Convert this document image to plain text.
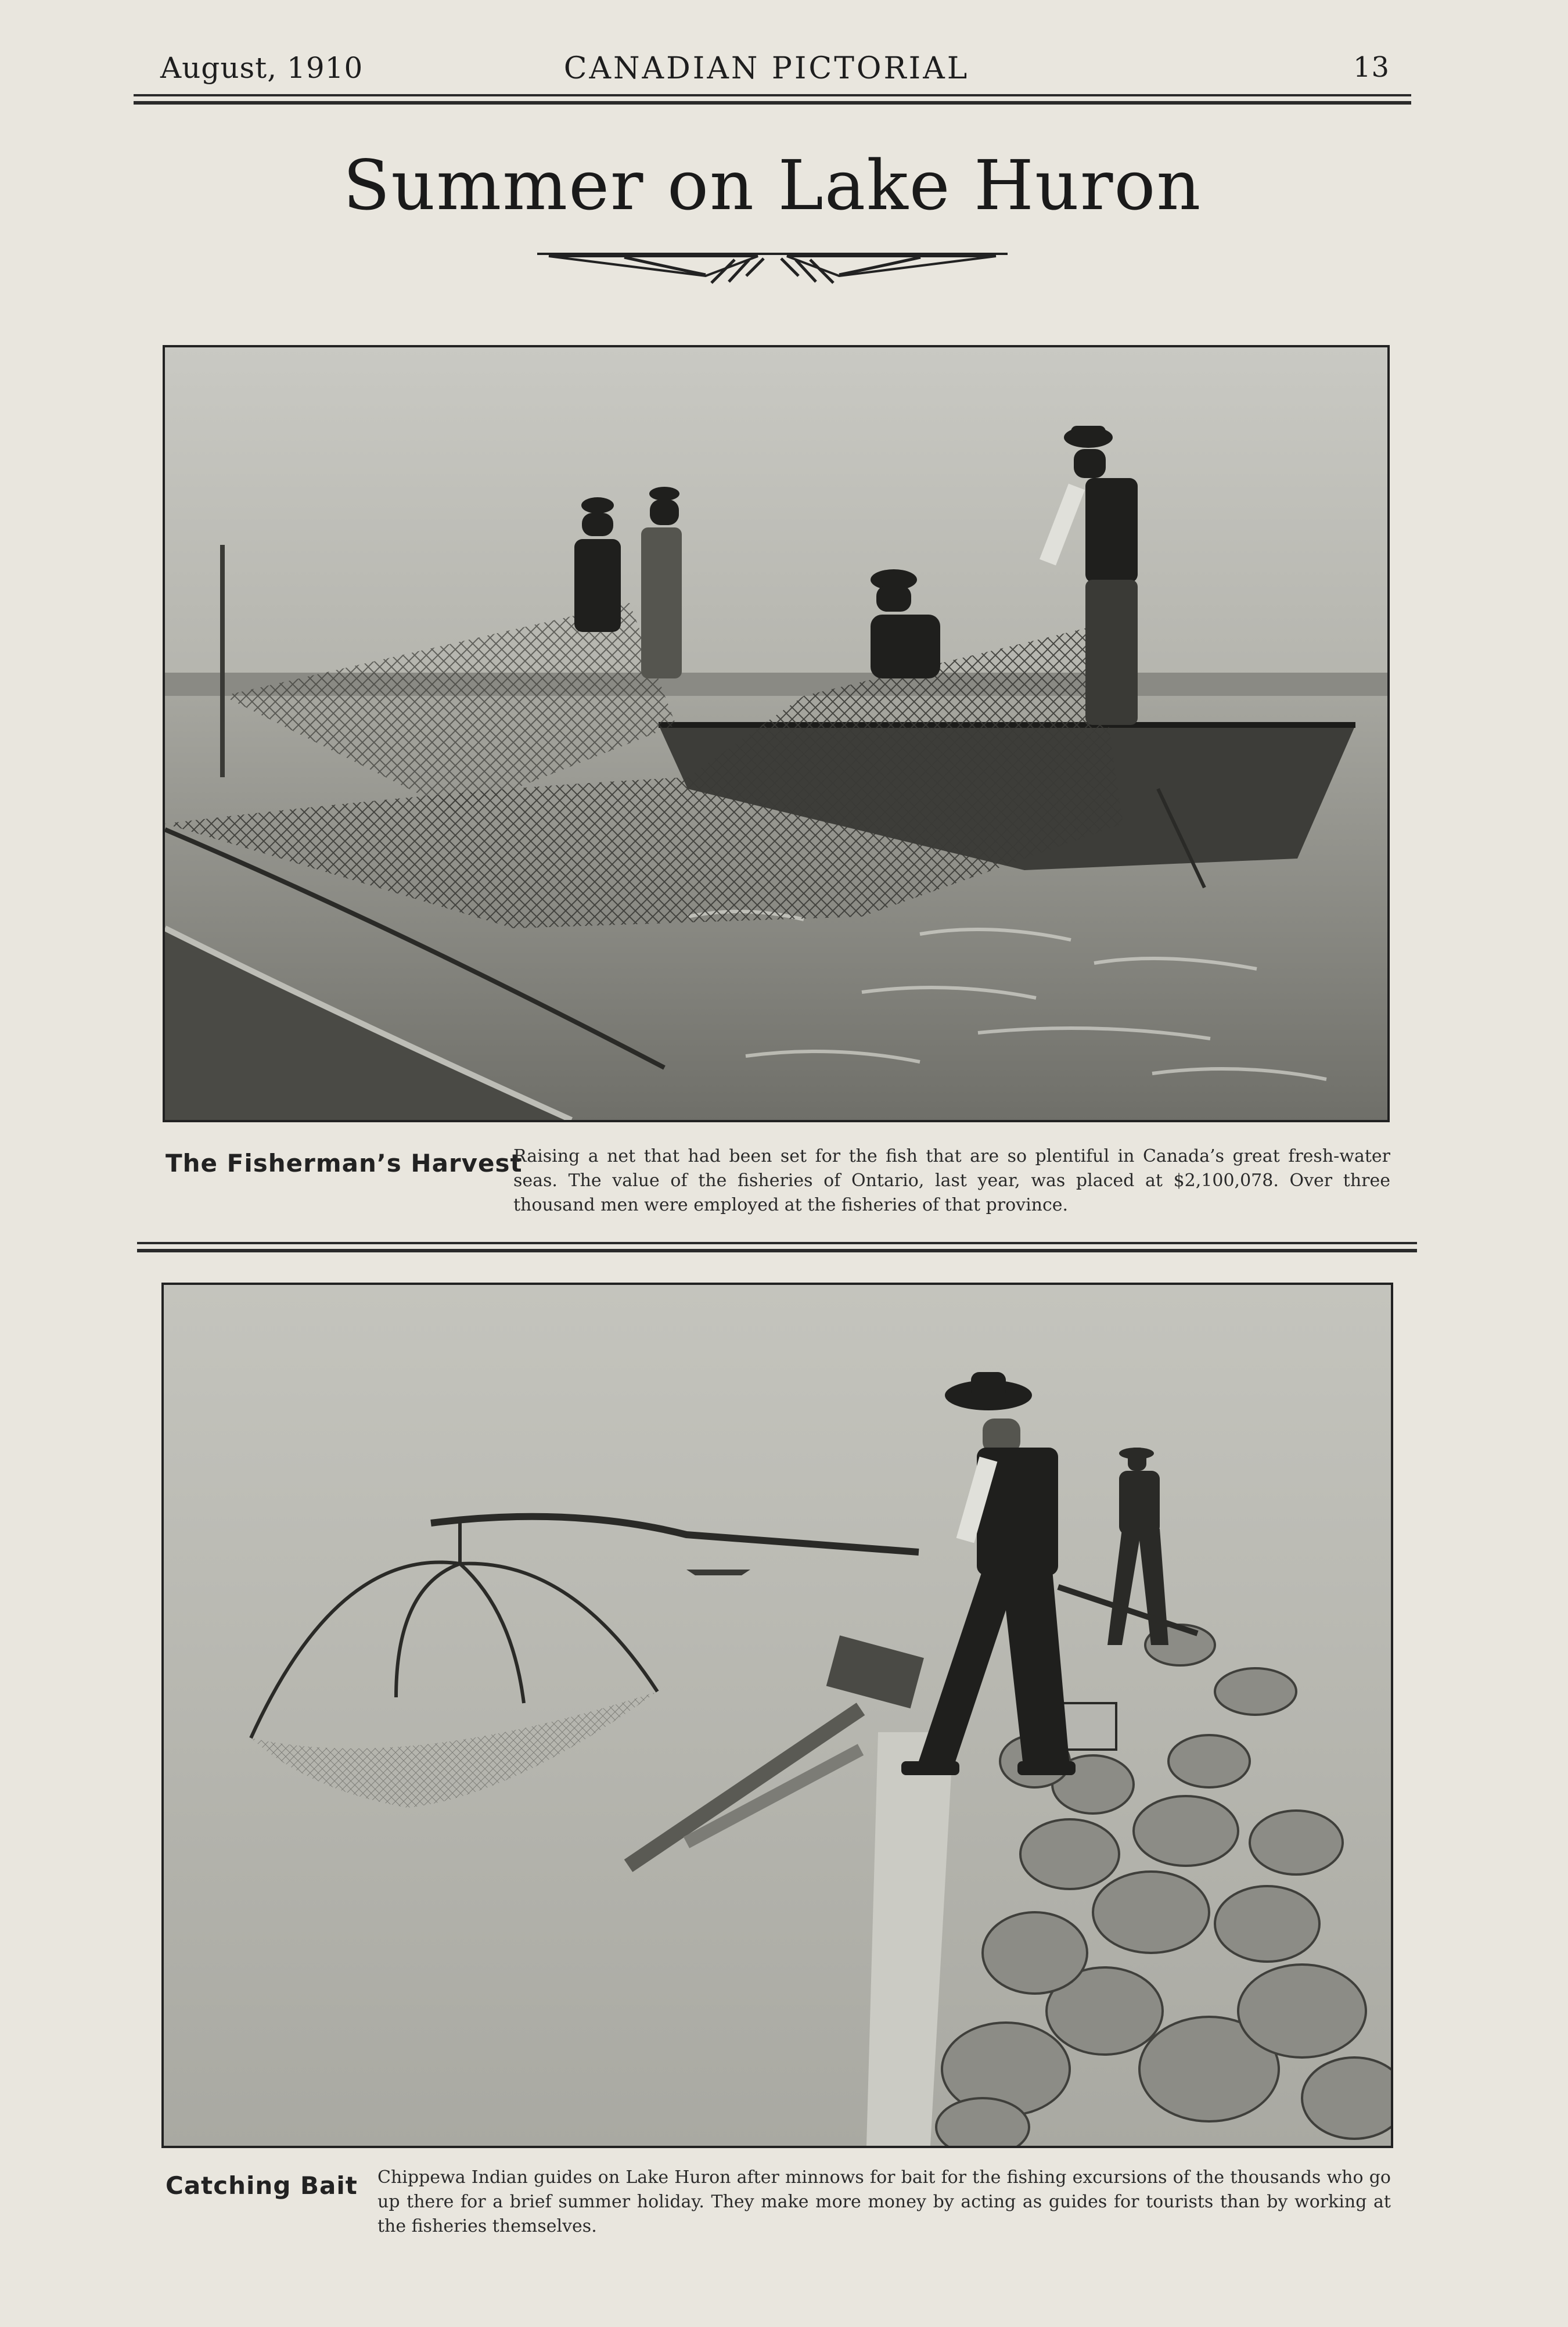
August, 1910	CANADIAN PICTORIAL	13
Summer on Lake Huron
The Fisherman’s Harvest
Raising a net that had been set for the fish that are so plentiful in Canada’s great fresh-water seas. The value of the fisheries of Ontario, last year, was placed at $2,100,078. Over three thousand men were employed at the fisheries of that province.
Catching Bait Chippewa Indian guides on Lake Huron after minnows for bait for the fishing excursions of the thousands who go up there for a brief summer holiday. They make more money by acting as guides for tourists than by working at the fisheries themselves.
